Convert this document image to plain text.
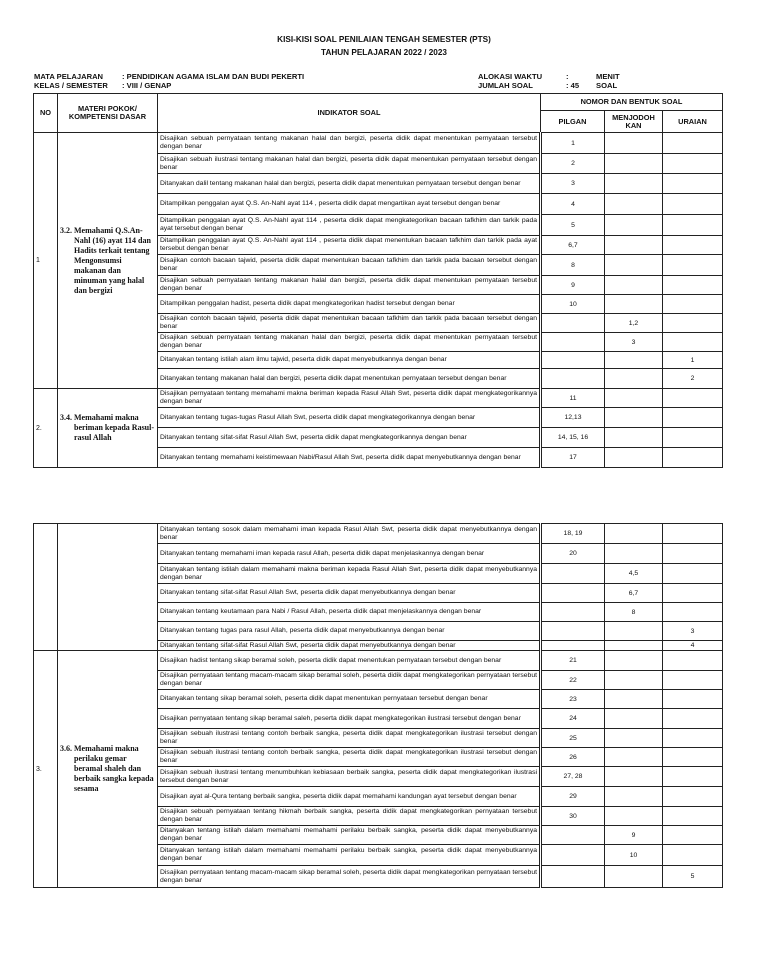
KISI-KISI SOAL PENILAIAN TENGAH SEMESTER (PTS)
TAHUN PELAJARAN 2022 / 2023
MATA PELAJARAN : PENDIDIKAN AGAMA ISLAM DAN BUDI PEKERTI
KELAS / SEMESTER : VIII / GENAP
ALOKASI WAKTU	:	MENIT
JUMLAH SOAL	: 45 SOAL
NO	MATERI POKOK/ KOMPETENSI DASAR	INDIKATOR SOAL	NOMOR DAN BENTUK SOAL		
			PILGAN	MENJODOH KAN	URAIAN
1	3.2. Memahami Q.S.An-Nahl (16) ayat 114 dan Hadits terkait tentang Mengonsumsi makanan dan minuman yang halal dan bergizi	Disajikan sebuah pernyataan tentang makanan halal dan bergizi, peserta didik dapat menentukan pernyataan tersebut dengan benar	1		
		Disajikan sebuah ilustrasi tentang makanan halal dan bergizi, peserta didik dapat menentukan pernyataan tersebut dengan benar	2		
		Ditanyakan dalil tentang makanan halal dan bergizi, peserta didik dapat menentukan pernyataan tersebut dengan benar	3		
		Ditampilkan penggalan ayat Q.S. An-Nahl ayat 114 , peserta didik dapat mengartikan ayat tersebut dengan benar	4		
		Ditampilkan penggalan ayat Q.S. An-Nahl ayat 114 , peserta didik dapat mengkategorikan bacaan tafkhim dan tarkik pada ayat tersebut dengan benar	5		
		Ditampilkan penggalan ayat Q.S. An-Nahl ayat 114 , peserta didik dapat menentukan bacaan tafkhim dan tarkik pada ayat tersebut dengan benar	6,7		
		Disajikan contoh bacaan tajwid, peserta didik dapat menentukan bacaan tafkhim dan tarkik pada bacaan tersebut dengan benar	8		
		Disajikan sebuah pernyataan tentang makanan halal dan bergizi, peserta didik dapat menentukan pernyataan tersebut dengan benar	9		
		Ditampilkan penggalan hadist, peserta didik dapat mengkategorikan hadist tersebut dengan benar	10		
		Disajikan contoh bacaan tajwid, peserta didik dapat menentukan bacaan tafkhim dan tarkik pada bacaan tersebut dengan benar		1,2	
		Disajikan sebuah pernyataan tentang makanan halal dan bergizi, peserta didik dapat menentukan pernyataan tersebut dengan benar		3	
		Ditanyakan tentang istilah alam ilmu tajwid, peserta didik dapat menyebutkannya dengan benar			1
		Ditanyakan tentang makanan halal dan bergizi, peserta didik dapat menentukan pernyataan tersebut dengan benar			2
2.	3.4. Memahami makna beriman kepada Rasul-rasul Allah	Disajikan pernyataan tentang memahami makna beriman kepada Rasul Allah Swt, peserta didik dapat mengkategorikannya dengan benar	11		
		Ditanyakan tentang tugas-tugas Rasul Allah Swt, peserta didik dapat mengkategorikannya dengan benar	12,13		
		Ditanyakan tentang sifat-sifat Rasul Allah Swt, peserta didik dapat mengkategorikannya dengan benar	14, 15, 16		
		Ditanyakan tentang memahami keistimewaan Nabi/Rasul Allah Swt, peserta didik dapat menyebutkannya dengan benar	17		
		Ditanyakan tentang sosok dalam memahami iman kepada Rasul Allah Swt, peserta didik dapat menyebutkannya dengan benar	18, 19		
		Ditanyakan tentang memahami iman kepada rasul Allah, peserta didik dapat menjelaskannya dengan benar	20		
		Ditanyakan tentang istilah dalam memahami makna beriman kepada Rasul Allah Swt, peserta didik dapat menyebutkannya dengan benar		4,5	
		Ditanyakan tentang sifat-sifat Rasul Allah Swt, peserta didik dapat menyebutkannya dengan benar		6,7	
		Ditanyakan tentang keutamaan para Nabi / Rasul Allah, peserta didik dapat menjelaskannya dengan benar		8	
		Ditanyakan tentang tugas para rasul Allah, peserta didik dapat menyebutkannya dengan benar			3
		Ditanyakan tentang sifat-sifat Rasul Allah Swt, peserta didik dapat menyebutkannya dengan benar			4
3.	3.6. Memahami makna perilaku gemar beramal shaleh dan berbaik sangka kepada sesama	Disajikan hadist tentang sikap beramal soleh, peserta didik dapat menentukan pernyataan tersebut dengan benar	21		
		Disajikan pernyataan tentang macam-macam sikap beramal soleh, peserta didik dapat mengkategorikan pernyataan tersebut dengan benar	22		
		Ditanyakan tentang sikap beramal soleh, peserta didik dapat menentukan pernyataan tersebut dengan benar	23		
		Disajikan pernyataan tentang sikap beramal saleh, peserta didik dapat mengkategorikan ilustrasi tersebut dengan benar	24		
		Disajikan sebuah ilustrasi tentang contoh berbaik sangka, peserta didik dapat mengkategorikan ilustrasi tersebut dengan benar	25		
		Disajikan sebuah ilustrasi tentang contoh berbaik sangka, peserta didik dapat mengkategorikan ilustrasi tersebut dengan benar	26		
		Disajikan sebuah ilustrasi tentang menumbuhkan kebiasaan berbaik sangka, peserta didik dapat mengkategorikan ilustrasi tersebut dengan benar	27, 28		
		Disajikan ayat al-Qura tentang berbaik sangka, peserta didik dapat memahami kandungan ayat tersebut dengan benar	29		
		Disajikan sebuah pernyataan tentang hikmah berbaik sangka, peserta didik dapat mengkategorikan pernyataan tersebut dengan benar	30		
		Ditanyakan tentang istilah dalam memahami memahami perilaku berbaik sangka, peserta didik dapat menyebutkannya dengan benar		9	
		Ditanyakan tentang istilah dalam memahami memahami perilaku berbaik sangka, peserta didik dapat menyebutkannya dengan benar		10	
		Disajikan pernyataan tentang macam-macam sikap beramal soleh, peserta didik dapat mengkategorikan pernyataan tersebut dengan benar			5
